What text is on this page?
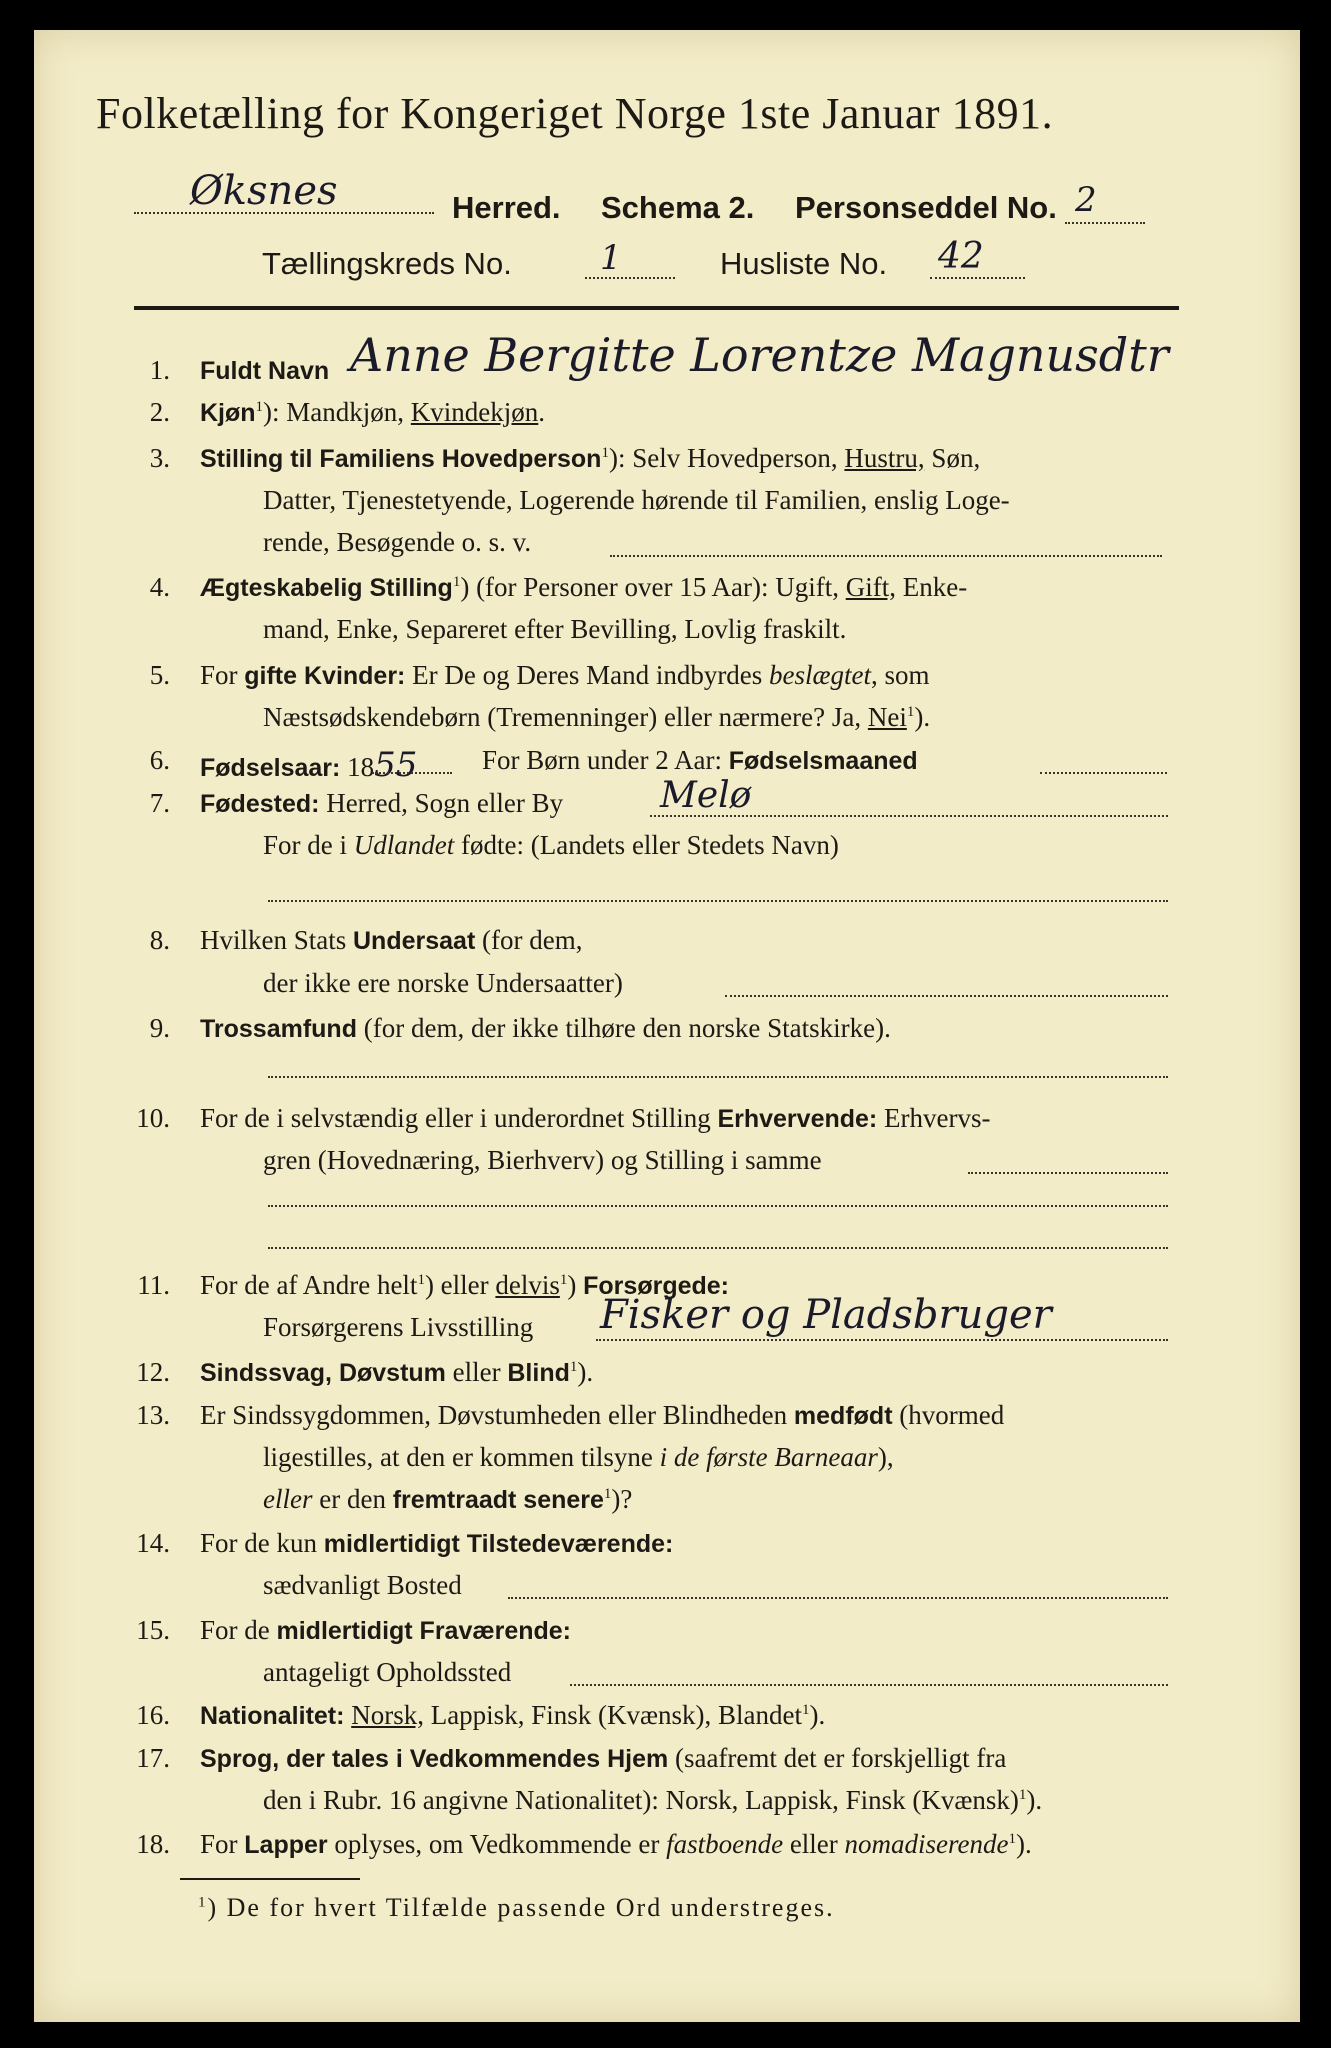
Folketælling for Kongeriget Norge 1ste Januar 1891.
Øksnes	Herred. Schema 2. Personseddel No. 2
Tællingskreds No.	1	Husliste No. 42
1. Fuldt Navn Anne Bergitte Lorentze Magnusdtr
2. Kjøn$^1$): Mandkjøn, Kvindekjøn.
3. Stilling til Familiens Hovedperson$^1$): Selv Hovedperson, Hustru, Søn,
Datter, Tjenestetyende, Logerende hørende til Familien, enslig Loge-
rende, Besøgende o. s. v.
4. Ægteskabelig Stilling$^1$) (for Personer over 15 Aar): Ugift, Gift, Enke-
mand, Enke, Separeret efter Bevilling, Lovlig fraskilt.
5. For gifte Kvinder: Er De og Deres Mand indbyrdes beslægtet, som
Næstsødskendebørn (Tremenninger) eller nærmere? Ja, Nei$^1$).
6. Fødselsaar: 1855 For Børn under 2 Aar: Fødselsmaaned
7. Fødested: Herred, Sogn eller By	Melø
For de i Udlandet fødte: (Landets eller Stedets Navn)
8. Hvilken Stats Undersaat (for dem,
der ikke ere norske Undersaatter)
9. Trossamfund (for dem, der ikke tilhøre den norske Statskirke).
10. For de i selvstændig eller i underordnet Stilling Erhvervende: Erhvervs-
gren (Hovednæring, Bierhverv) og Stilling i samme
11. For de af Andre helt$^1$) eller delvis$^1$) Forsørgede:
Forsørgerens Livsstilling Fisker og Pladsbruger
12. Sindssvag, Døvstum eller Blind$^1$).
13. Er Sindssygdommen, Døvstumheden eller Blindheden medfødt (hvormed
ligestilles, at den er kommen tilsyne i de første Barneaar),
eller er den fremtraadt senere$^1$)?
14. For de kun midlertidigt Tilstedeværende:
sædvanligt Bosted
15. For de midlertidigt Fraværende:
antageligt Opholdssted
16. Nationalitet: Norsk, Lappisk, Finsk (Kvænsk), Blandet$^1$).
17. Sprog, der tales i Vedkommendes Hjem (saafremt det er forskjelligt fra
den i Rubr. 16 angivne Nationalitet): Norsk, Lappisk, Finsk (Kvænsk)$^1$).
18. For Lapper oplyses, om Vedkommende er fastboende eller nomadiserende$^1$).
$^1$) De for hvert Tilfælde passende Ord understreges.
